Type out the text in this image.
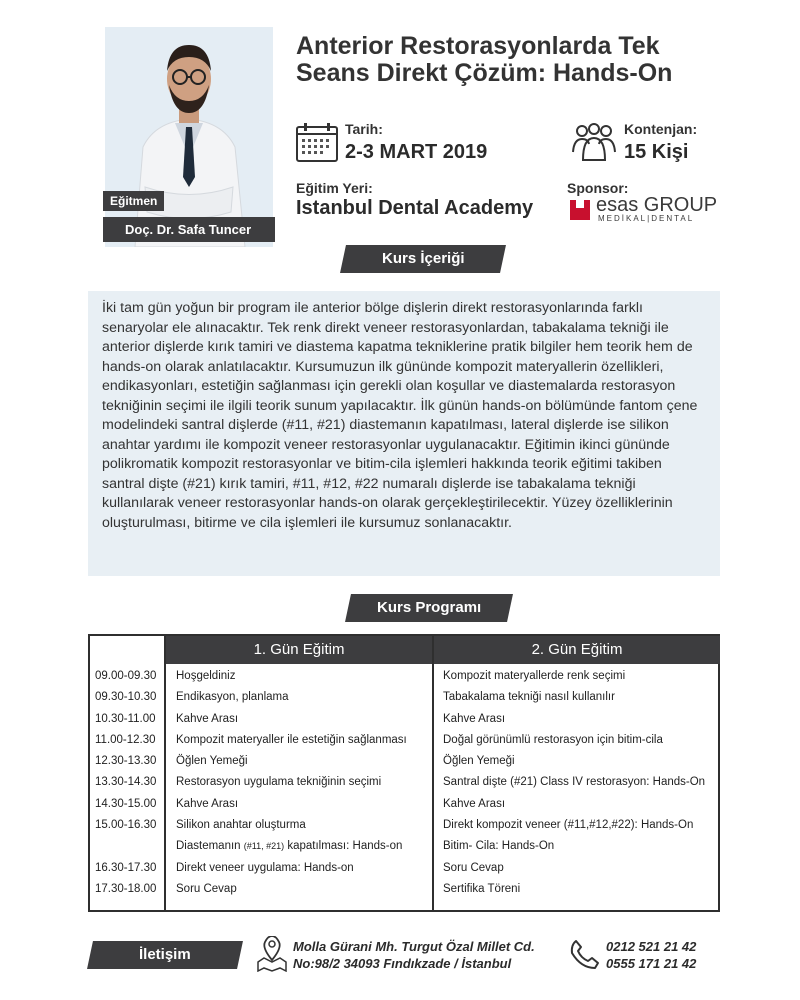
Eğitmen
Doç. Dr. Safa Tuncer
Anterior Restorasyonlarda Tek
Seans Direkt Çözüm: Hands-On
Tarih:
2-3 MART 2019
Kontenjan:
15 Kişi
Eğitim Yeri:
Istanbul Dental Academy
Sponsor:
esas GROUP
MEDİKAL|DENTAL
Kurs İçeriği
İki tam gün yoğun bir program ile anterior bölge dişlerin direkt restorasyonlarında farklı senaryolar ele alınacaktır. Tek renk direkt veneer restorasyonlardan, tabakalama tekniği ile anterior dişlerde kırık tamiri ve diastema kapatma tekniklerine pratik bilgiler hem teorik hem de hands-on olarak anlatılacaktır. Kursumuzun ilk gününde kompozit materyallerin özellikleri, endikasyonları, estetiğin sağlanması için gerekli olan koşullar ve diastemalarda restorasyon tekniğinin seçimi ile ilgili teorik sunum yapılacaktır. İlk günün hands-on bölümünde fantom çene modelindeki santral dişlerde (#11, #21) diastemanın kapatılması, lateral dişlerde ise silikon anahtar yardımı ile kompozit veneer restorasyonlar uygulanacaktır. Eğitimin ikinci gününde polikromatik kompozit restorasyonlar ve bitim-cila işlemleri hakkında teorik eğitimi takiben santral dişte (#21) kırık tamiri, #11, #12, #22 numaralı dişlerde ise tabakalama tekniği kullanılarak veneer restorasyonlar hands-on olarak gerçekleştirilecektir. Yüzey özelliklerinin oluşturulması, bitirme ve cila işlemleri ile kursumuz sonlanacaktır.
Kurs Programı
1. Gün Eğitim	2. Gün Eğitim
09.00-09.30 Hoşgeldiniz	Kompozit materyallerde renk seçimi
09.30-10.30 Endikasyon, planlama	Tabakalama tekniği nasıl kullanılır
10.30-11.00 Kahve Arası	Kahve Arası
11.00-12.30 Kompozit materyaller ile estetiğin sağlanması	Doğal görünümlü restorasyon için bitim-cila
12.30-13.30 Öğlen Yemeği	Öğlen Yemeği
13.30-14.30 Restorasyon uygulama tekniğinin seçimi	Santral dişte (#21) Class IV restorasyon: Hands-On
14.30-15.00 Kahve Arası	Kahve Arası
15.00-16.30 Silikon anahtar oluşturma	Direkt kompozit veneer (#11,#12,#22): Hands-On
Diastemanın (#11, #21) kapatılması: Hands-on	Bitim- Cila: Hands-On
16.30-17.30 Direkt veneer uygulama: Hands-on	Soru Cevap
17.30-18.00 Soru Cevap	Sertifika Töreni
İletişim	Molla Gürani Mh. Turgut Özal Millet Cd.
No:98/2 34093 Fındıkzade / İstanbul
0212 521 21 42
0555 171 21 42
